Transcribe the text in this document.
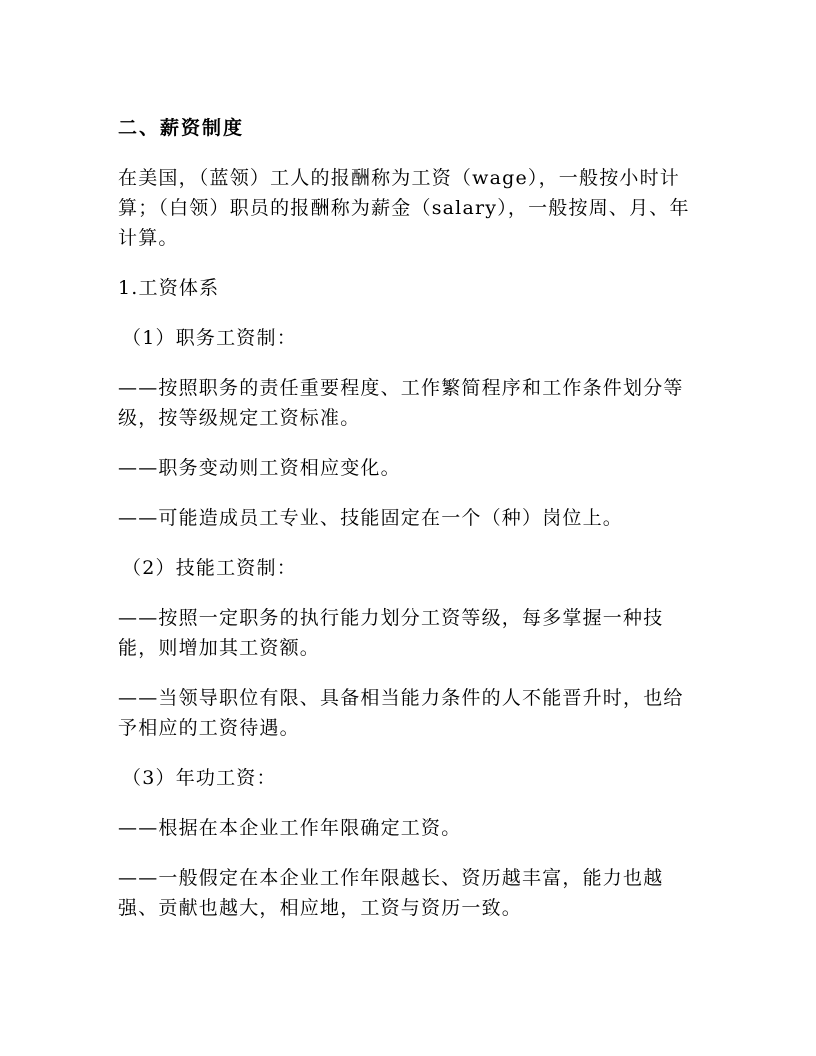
二、薪资制度
在美国，（蓝领）工人的报酬称为工资（wage），一般按小时计算；（白领）职员的报酬称为薪金（salary），一般按周、月、年计算。
1.工资体系
（1）职务工资制：
——按照职务的责任重要程度、工作繁简程序和工作条件划分等级，按等级规定工资标准。
——职务变动则工资相应变化。
——可能造成员工专业、技能固定在一个（种）岗位上。
（2）技能工资制：
——按照一定职务的执行能力划分工资等级，每多掌握一种技能，则增加其工资额。
——当领导职位有限、具备相当能力条件的人不能晋升时，也给予相应的工资待遇。
（3）年功工资：
——根据在本企业工作年限确定工资。
——一般假定在本企业工作年限越长、资历越丰富，能力也越强、贡献也越大，相应地，工资与资历一致。
